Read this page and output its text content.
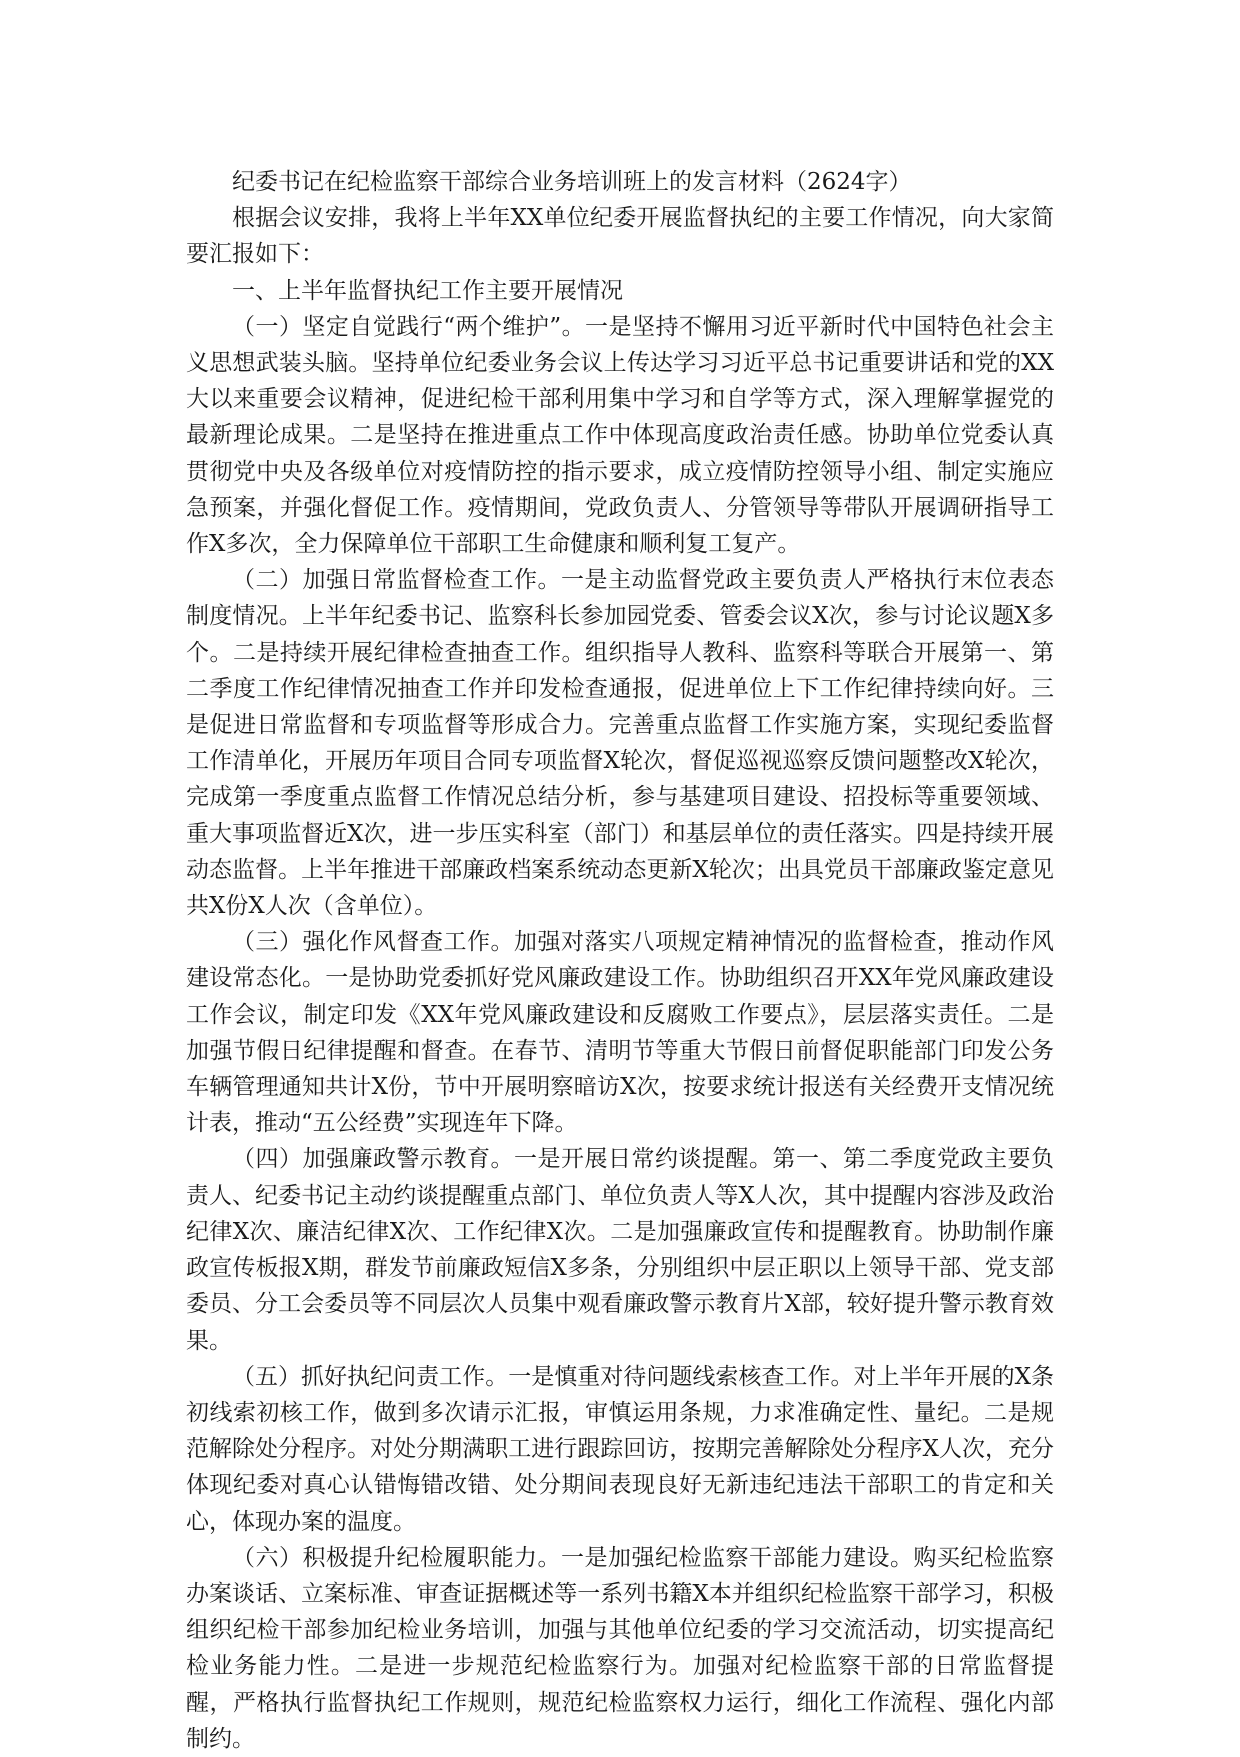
纪委书记在纪检监察干部综合业务培训班上的发言材料（2624字）

根据会议安排，我将上半年XX单位纪委开展监督执纪的主要工作情况，向大家简要汇报如下：

一、上半年监督执纪工作主要开展情况

（一）坚定自觉践行“两个维护”。一是坚持不懈用习近平新时代中国特色社会主义思想武装头脑。坚持单位纪委业务会议上传达学习习近平总书记重要讲话和党的XX大以来重要会议精神，促进纪检干部利用集中学习和自学等方式，深入理解掌握党的最新理论成果。二是坚持在推进重点工作中体现高度政治责任感。协助单位党委认真贯彻党中央及各级单位对疫情防控的指示要求，成立疫情防控领导小组、制定实施应急预案，并强化督促工作。疫情期间，党政负责人、分管领导等带队开展调研指导工作X多次，全力保障单位干部职工生命健康和顺利复工复产。

（二）加强日常监督检查工作。一是主动监督党政主要负责人严格执行末位表态制度情况。上半年纪委书记、监察科长参加园党委、管委会议X次，参与讨论议题X多个。二是持续开展纪律检查抽查工作。组织指导人教科、监察科等联合开展第一、第二季度工作纪律情况抽查工作并印发检查通报，促进单位上下工作纪律持续向好。三是促进日常监督和专项监督等形成合力。完善重点监督工作实施方案，实现纪委监督工作清单化，开展历年项目合同专项监督X轮次，督促巡视巡察反馈问题整改X轮次，完成第一季度重点监督工作情况总结分析，参与基建项目建设、招投标等重要领域、重大事项监督近X次，进一步压实科室（部门）和基层单位的责任落实。四是持续开展动态监督。上半年推进干部廉政档案系统动态更新X轮次；出具党员干部廉政鉴定意见共X份X人次（含单位）。

（三）强化作风督查工作。加强对落实八项规定精神情况的监督检查，推动作风建设常态化。一是协助党委抓好党风廉政建设工作。协助组织召开XX年党风廉政建设工作会议，制定印发《XX年党风廉政建设和反腐败工作要点》，层层落实责任。二是加强节假日纪律提醒和督查。在春节、清明节等重大节假日前督促职能部门印发公务车辆管理通知共计X份，节中开展明察暗访X次，按要求统计报送有关经费开支情况统计表，推动“五公经费”实现连年下降。

（四）加强廉政警示教育。一是开展日常约谈提醒。第一、第二季度党政主要负责人、纪委书记主动约谈提醒重点部门、单位负责人等X人次，其中提醒内容涉及政治纪律X次、廉洁纪律X次、工作纪律X次。二是加强廉政宣传和提醒教育。协助制作廉政宣传板报X期，群发节前廉政短信X多条，分别组织中层正职以上领导干部、党支部委员、分工会委员等不同层次人员集中观看廉政警示教育片X部，较好提升警示教育效果。

（五）抓好执纪问责工作。一是慎重对待问题线索核查工作。对上半年开展的X条初线索初核工作，做到多次请示汇报，审慎运用条规，力求准确定性、量纪。二是规范解除处分程序。对处分期满职工进行跟踪回访，按期完善解除处分程序X人次，充分体现纪委对真心认错悔错改错、处分期间表现良好无新违纪违法干部职工的肯定和关心，体现办案的温度。

（六）积极提升纪检履职能力。一是加强纪检监察干部能力建设。购买纪检监察办案谈话、立案标准、审查证据概述等一系列书籍X本并组织纪检监察干部学习，积极组织纪检干部参加纪检业务培训，加强与其他单位纪委的学习交流活动，切实提高纪检业务能力性。二是进一步规范纪检监察行为。加强对纪检监察干部的日常监督提醒，严格执行监督执纪工作规则，规范纪检监察权力运行，细化工作流程、强化内部制约。
